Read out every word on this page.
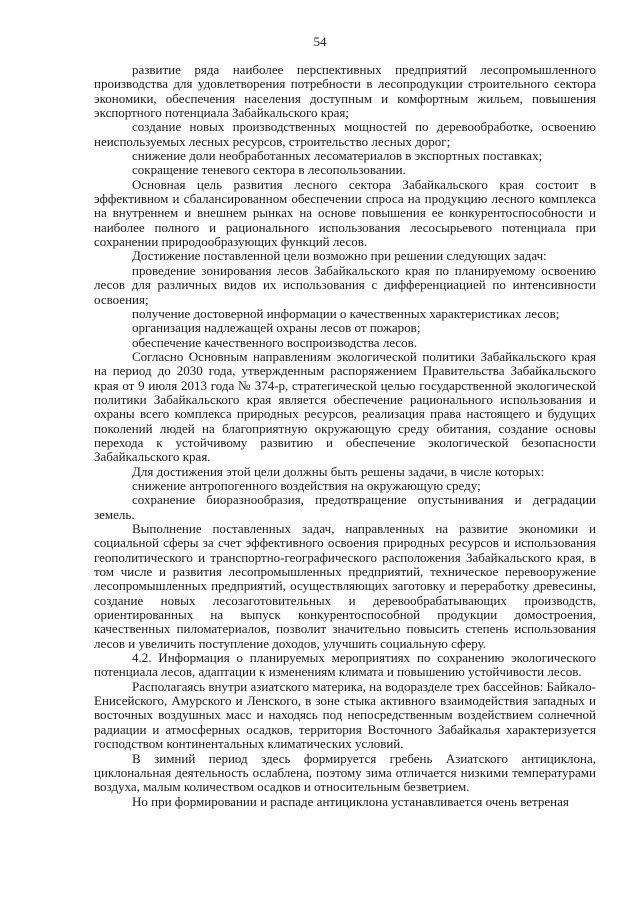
54

развитие ряда наиболее перспективных предприятий лесопромышленного производства для удовлетворения потребности в лесопродукции строительного сектора экономики, обеспечения населения доступным и комфортным жильем, повышения экспортного потенциала Забайкальского края;

создание новых производственных мощностей по деревообработке, освоению неиспользуемых лесных ресурсов, строительство лесных дорог;

снижение доли необработанных лесоматериалов в экспортных поставках;

сокращение теневого сектора в лесопользовании.

Основная цель развития лесного сектора Забайкальского края состоит в эффективном и сбалансированном обеспечении спроса на продукцию лесного комплекса на внутреннем и внешнем рынках на основе повышения ее конкурентоспособности и наиболее полного и рационального использования лесосырьевого потенциала при сохранении природообразующих функций лесов.

Достижение поставленной цели возможно при решении следующих задач:

проведение зонирования лесов Забайкальского края по планируемому освоению лесов для различных видов их использования с дифференциацией по интенсивности освоения;

получение достоверной информации о качественных характеристиках лесов;

организация надлежащей охраны лесов от пожаров;

обеспечение качественного воспроизводства лесов.

Согласно Основным направлениям экологической политики Забайкальского края на период до 2030 года, утвержденным распоряжением Правительства Забайкальского края от 9 июля 2013 года № 374-р, стратегической целью государственной экологической политики Забайкальского края является обеспечение рационального использования и охраны всего комплекса природных ресурсов, реализация права настоящего и будущих поколений людей на благоприятную окружающую среду обитания, создание основы перехода к устойчивому развитию и обеспечение экологической безопасности Забайкальского края.

Для достижения этой цели должны быть решены задачи, в числе которых:

снижение антропогенного воздействия на окружающую среду;

сохранение биоразнообразия, предотвращение опустынивания и деградации земель.

Выполнение поставленных задач, направленных на развитие экономики и социальной сферы за счет эффективного освоения природных ресурсов и использования геополитического и транспортно-географического расположения Забайкальского края, в том числе и развития лесопромышленных предприятий, техническое перевооружение лесопромышленных предприятий, осуществляющих заготовку и переработку древесины, создание новых лесозаготовительных и деревообрабатывающих производств, ориентированных на выпуск конкурентоспособной продукции домостроения, качественных пиломатериалов, позволит значительно повысить степень использования лесов и увеличить поступление доходов, улучшить социальную сферу.

4.2. Информация о планируемых мероприятиях по сохранению экологического потенциала лесов, адаптации к изменениям климата и повышению устойчивости лесов.

Располагаясь внутри азиатского материка, на водоразделе трех бассейнов: Байкало-Енисейского, Амурского и Ленского, в зоне стыка активного взаимодействия западных и восточных воздушных масс и находясь под непосредственным воздействием солнечной радиации и атмосферных осадков, территория Восточного Забайкалья характеризуется господством континентальных климатических условий.

В зимний период здесь формируется гребень Азиатского антициклона, циклональная деятельность ослаблена, поэтому зима отличается низкими температурами воздуха, малым количеством осадков и относительным безветрием.

Но при формировании и распаде антициклона устанавливается очень ветреная
